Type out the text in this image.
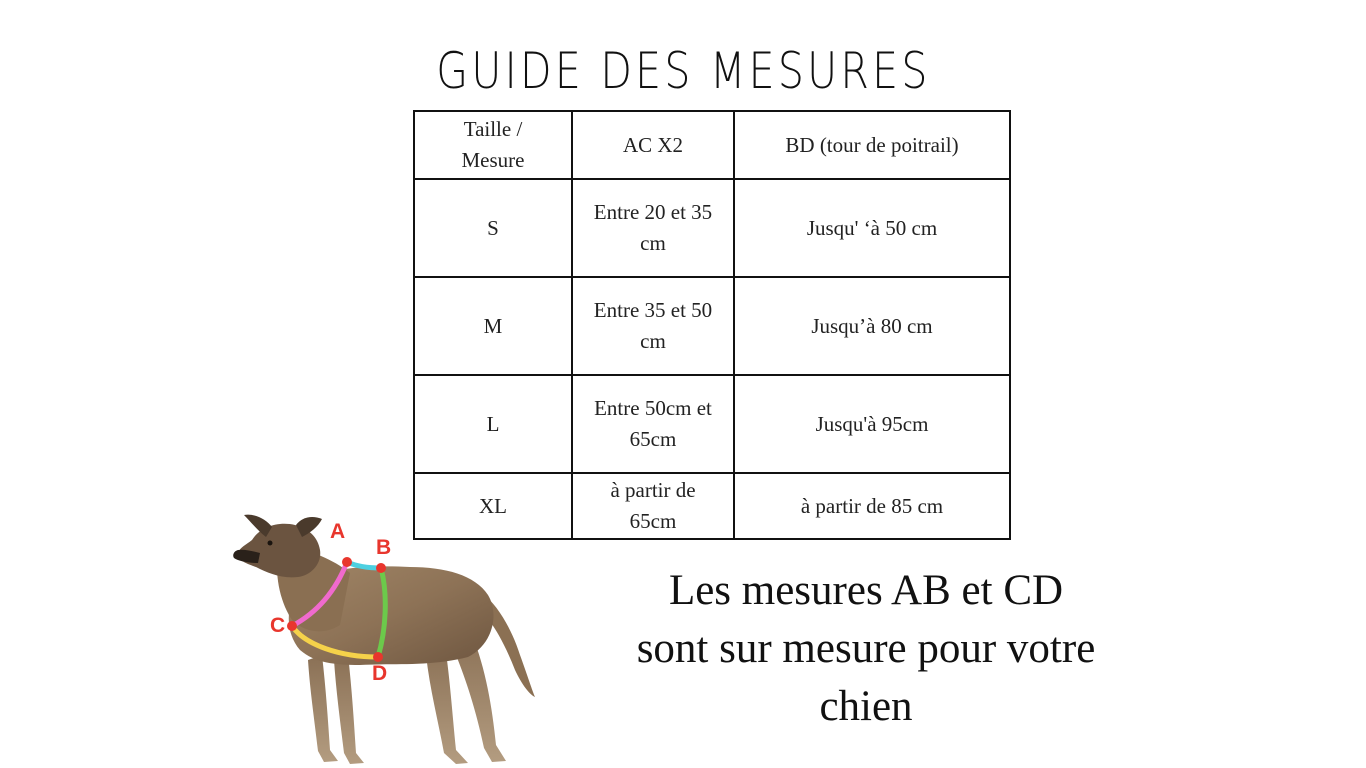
GUIDE DES MESURES
Taille / Mesure	AC X2	BD (tour de poitrail)
S	Entre 20 et 35 cm	Jusqu' ‘à 50 cm
M	Entre 35 et 50 cm	Jusqu’à 80 cm
L	Entre 50cm et 65cm	Jusqu'à 95cm
XL	à partir de 65cm	à partir de 85 cm
Les mesures AB et CD sont sur mesure pour votre chien
A
B
C
D
